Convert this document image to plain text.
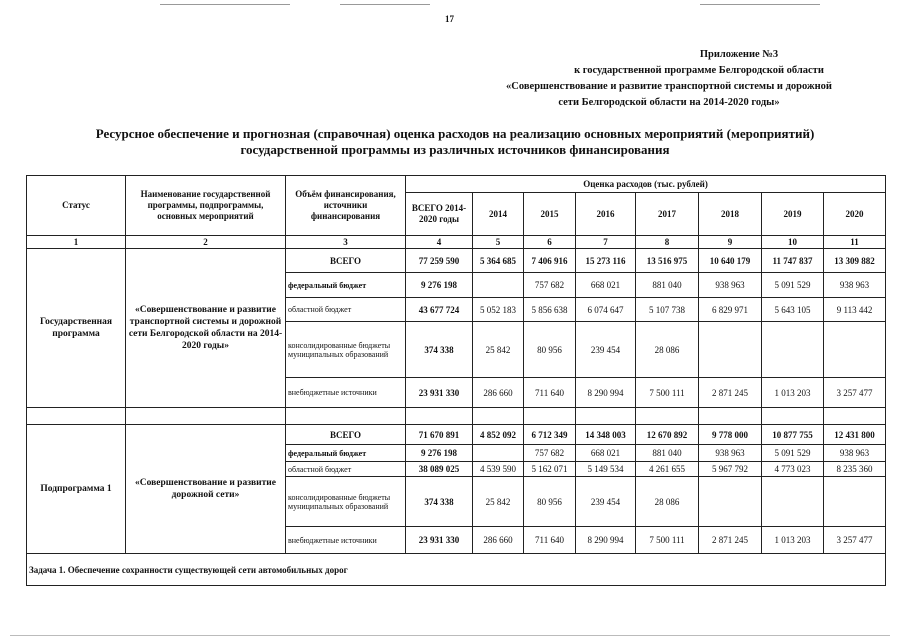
17
Приложение №3
к государственной программе Белгородской области
«Совершенствование и развитие транспортной системы и дорожной
сети Белгородской области на 2014-2020 годы»
Ресурсное обеспечение и прогнозная (справочная) оценка расходов на реализацию основных мероприятий (мероприятий)
государственной программы из различных источников финансирования
Статус	Наименование государственной программы, подпрограммы, основных мероприятий	Объём финансирования, источники финансирования	Оценка расходов (тыс. рублей)							
			ВСЕГО 2014-2020 годы	2014	2015	2016	2017	2018	2019	2020
1	2	3	4	5	6	7	8	9	10	11
Государственная программа	«Совершенствование и развитие транспортной системы и дорожной сети Белгородской области на 2014-2020 годы»	ВСЕГО	77 259 590	5 364 685	7 406 916	15 273 116	13 516 975	10 640 179	11 747 837	13 309 882
		федеральный бюджет	9 276 198		757 682	668 021	881 040	938 963	5 091 529	938 963
		областной бюджет	43 677 724	5 052 183	5 856 638	6 074 647	5 107 738	6 829 971	5 643 105	9 113 442
		консолидированные бюджеты муниципальных образований	374 338	25 842	80 956	239 454	28 086			
		внебюджетные источники	23 931 330	286 660	711 640	8 290 994	7 500 111	2 871 245	1 013 203	3 257 477

Подпрограмма 1	«Совершенствование и развитие дорожной сети»	ВСЕГО	71 670 891	4 852 092	6 712 349	14 348 003	12 670 892	9 778 000	10 877 755	12 431 800
		федеральный бюджет	9 276 198		757 682	668 021	881 040	938 963	5 091 529	938 963
		областной бюджет	38 089 025	4 539 590	5 162 071	5 149 534	4 261 655	5 967 792	4 773 023	8 235 360
		консолидированные бюджеты муниципальных образований	374 338	25 842	80 956	239 454	28 086			
		внебюджетные источники	23 931 330	286 660	711 640	8 290 994	7 500 111	2 871 245	1 013 203	3 257 477
Задача 1. Обеспечение сохранности существующей сети автомобильных дорог										
